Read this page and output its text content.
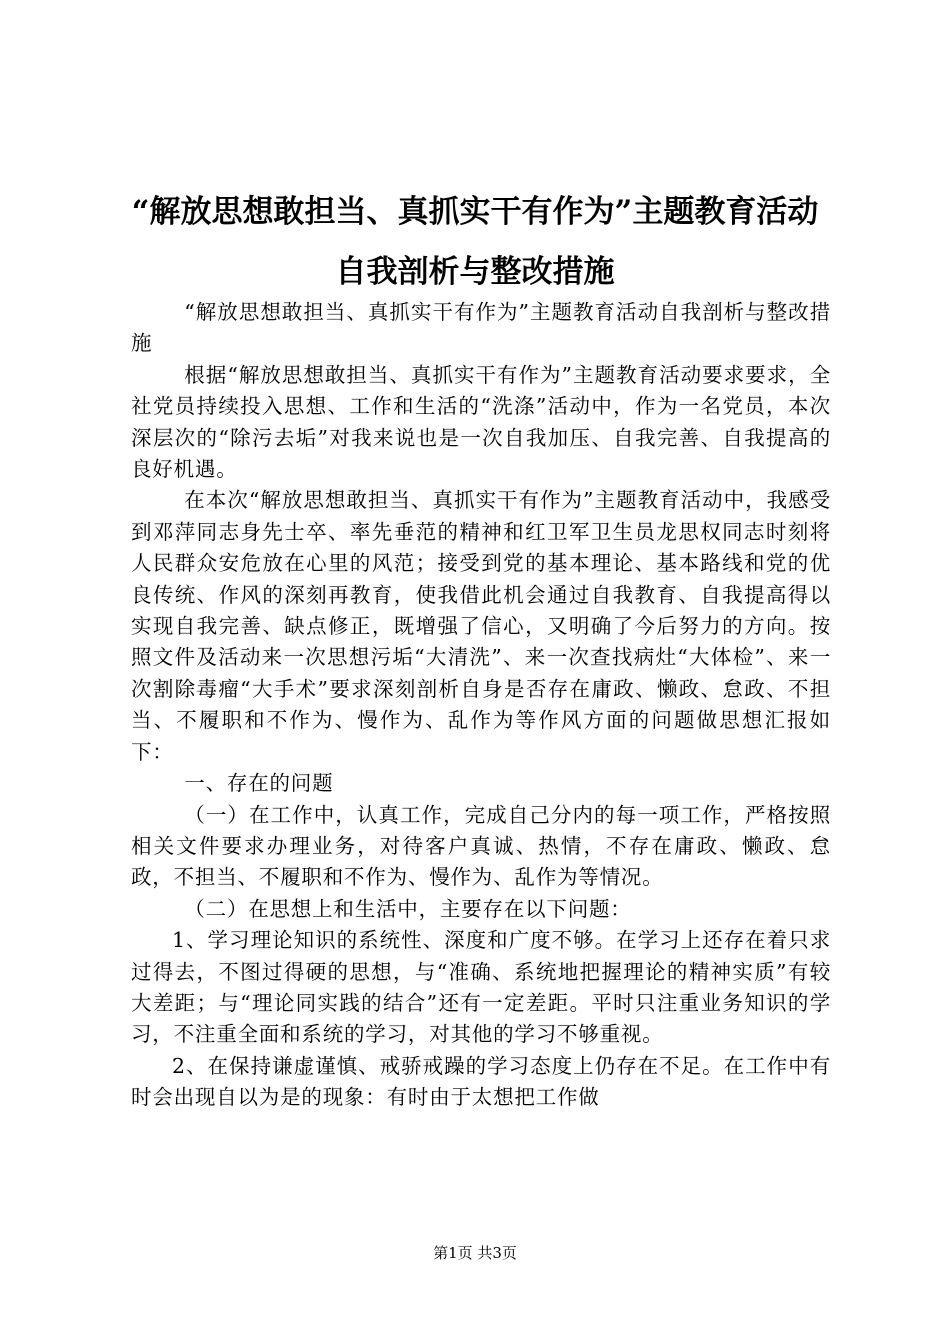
“解放思想敢担当、真抓实干有作为”主题教育活动自我剖析与整改措施

“解放思想敢担当、真抓实干有作为”主题教育活动自我剖析与整改措施

根据“解放思想敢担当、真抓实干有作为”主题教育活动要求要求，全社党员持续投入思想、工作和生活的“洗涤”活动中，作为一名党员，本次深层次的“除污去垢”对我来说也是一次自我加压、自我完善、自我提高的良好机遇。

在本次“解放思想敢担当、真抓实干有作为”主题教育活动中，我感受到邓萍同志身先士卒、率先垂范的精神和红卫军卫生员龙思权同志时刻将人民群众安危放在心里的风范；接受到党的基本理论、基本路线和党的优良传统、作风的深刻再教育，使我借此机会通过自我教育、自我提高得以实现自我完善、缺点修正，既增强了信心，又明确了今后努力的方向。按照文件及活动来一次思想污垢“大清洗”、来一次查找病灶“大体检”、来一次割除毒瘤“大手术”要求深刻剖析自身是否存在庸政、懒政、怠政、不担当、不履职和不作为、慢作为、乱作为等作风方面的问题做思想汇报如下：

一、存在的问题

（一）在工作中，认真工作，完成自己分内的每一项工作，严格按照相关文件要求办理业务，对待客户真诚、热情，不存在庸政、懒政、怠政，不担当、不履职和不作为、慢作为、乱作为等情况。

（二）在思想上和生活中，主要存在以下问题：

1、学习理论知识的系统性、深度和广度不够。在学习上还存在着只求过得去，不图过得硬的思想，与“准确、系统地把握理论的精神实质”有较大差距；与“理论同实践的结合”还有一定差距。平时只注重业务知识的学习，不注重全面和系统的学习，对其他的学习不够重视。

2、在保持谦虚谨慎、戒骄戒躁的学习态度上仍存在不足。在工作中有时会出现自以为是的现象：有时由于太想把工作做

第1页 共3页
